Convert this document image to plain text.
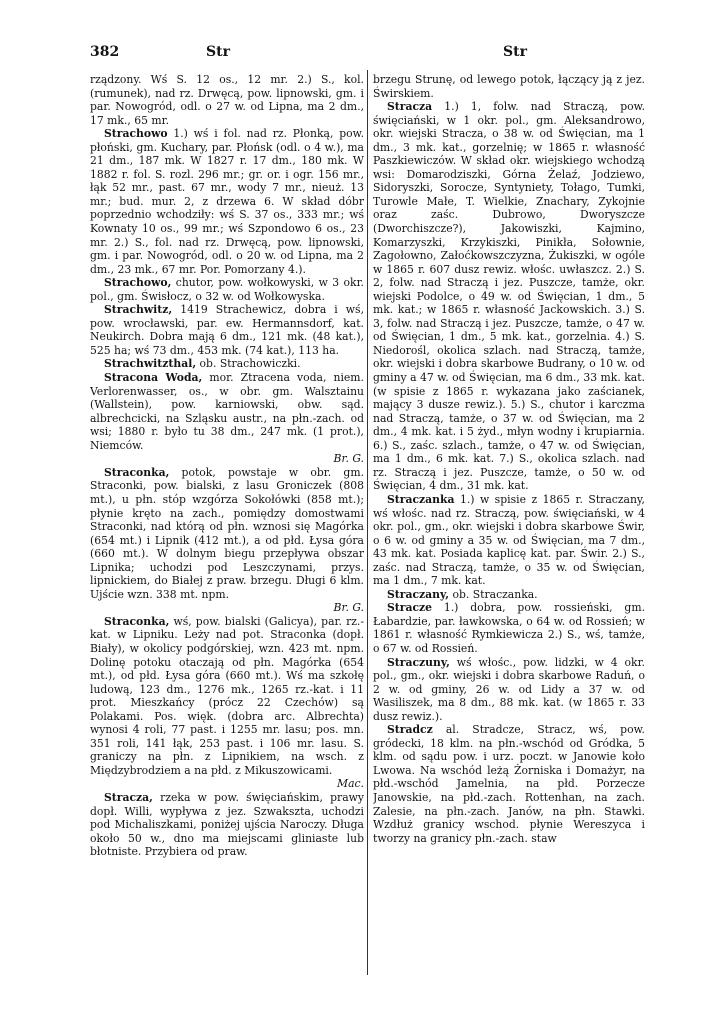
382	Str	Str

rządzony. Wś S. 12 os., 12 mr. 2.) S., kol. (rumunek), nad rz. Drwęcą, pow. lipnowski, gm. i par. Nowogród, odl. o 27 w. od Lipna, ma 2 dm., 17 mk., 65 mr.

Strachowo 1.) wś i fol. nad rz. Płonką, pow. płoński, gm. Kuchary, par. Płońsk (odl. o 4 w.), ma 21 dm., 187 mk. W 1827 r. 17 dm., 180 mk. W 1882 r. fol. S. rozl. 296 mr.; gr. or. i ogr. 156 mr., łąk 52 mr., past. 67 mr., wody 7 mr., nieuż. 13 mr.; bud. mur. 2, z drzewa 6. W skład dóbr poprzednio wchodziły: wś S. 37 os., 333 mr.; wś Kownaty 10 os., 99 mr.; wś Szpondowo 6 os., 23 mr. 2.) S., fol. nad rz. Drwęcą, pow. lipnowski, gm. i par. Nowogród, odl. o 20 w. od Lipna, ma 2 dm., 23 mk., 67 mr. Por. Pomorzany 4.).

Strachowo, chutor, pow. wołkowyski, w 3 okr. pol., gm. Świsłocz, o 32 w. od Wołkowyska.

Strachwitz, 1419 Strachewicz, dobra i wś, pow. wrocławski, par. ew. Hermannsdorf, kat. Neukirch. Dobra mają 6 dm., 121 mk. (48 kat.), 525 ha; wś 73 dm., 453 mk. (74 kat.), 113 ha.

Strachwitzthal, ob. Strachowiczki.

Stracona Woda, mor. Ztracena voda, niem. Verlorenwasser, os., w obr. gm. Walsztainu (Wallstein), pow. karniowski, obw. sąd. albrechcicki, na Szląsku austr., na płn.-zach. od wsi; 1880 r. było tu 38 dm., 247 mk. (1 prot.), Niemców.

Br. G.

Straconka, potok, powstaje w obr. gm. Straconki, pow. bialski, z lasu Groniczek (808 mt.), u płn. stóp wzgórza Sokołówki (858 mt.); płynie kręto na zach., pomiędzy domostwami Straconki, nad którą od płn. wznosi się Magórka (654 mt.) i Lipnik (412 mt.), a od płd. Łysa góra (660 mt.). W dolnym biegu przepływa obszar Lipnika; uchodzi pod Leszczynami, przys. lipnickiem, do Białej z praw. brzegu. Długi 6 klm. Ujście wzn. 338 mt. npm.

Br. G.

Straconka, wś, pow. bialski (Galicya), par. rz.-kat. w Lipniku. Leży nad pot. Straconka (dopł. Biały), w okolicy podgórskiej, wzn. 423 mt. npm. Dolinę potoku otaczają od płn. Magórka (654 mt.), od płd. Łysa góra (660 mt.). Wś ma szkołę ludową, 123 dm., 1276 mk., 1265 rz.-kat. i 11 prot. Mieszkańcy (prócz 22 Czechów) są Polakami. Pos. więk. (dobra arc. Albrechta) wynosi 4 roli, 77 past. i 1255 mr. lasu; pos. mn. 351 roli, 141 łąk, 253 past. i 106 mr. lasu. S. graniczy na płn. z Lipnikiem, na wsch. z Międzybrodziem a na płd. z Mikuszowicami.

Mac.

Stracza, rzeka w pow. święciańskim, prawy dopł. Willi, wypływa z jez. Szwakszta, uchodzi pod Michaliszkami, poniżej ujścia Naroczy. Długa około 50 w., dno ma miejscami gliniaste lub błotniste. Przybiera od praw.

brzegu Strunę, od lewego potok, łączący ją z jez. Świrskiem.

Stracza 1.) 1, folw. nad Straczą, pow. święciański, w 1 okr. pol., gm. Aleksandrowo, okr. wiejski Stracza, o 38 w. od Święcian, ma 1 dm., 3 mk. kat., gorzelnię; w 1865 r. własność Paszkiewiczów. W skład okr. wiejskiego wchodzą wsi: Domarodziszki, Górna Żelaź, Jodziewo, Sidoryszki, Sorocze, Syntyniety, Tołago, Tumki, Turowle Małe, T. Wielkie, Znachary, Zykojnie oraz zaśc. Dubrowo, Dworyszcze (Dworchiszcze?), Jakowiszki, Kajmino, Komarzyszki, Krzykiszki, Pinikła, Sołownie, Zagołowno, Załoćkowszczyzna, Żukiszki, w ogóle w 1865 r. 607 dusz rewiz. włośc. uwłaszcz. 2.) S. 2, folw. nad Straczą i jez. Puszcze, tamże, okr. wiejski Podolce, o 49 w. od Święcian, 1 dm., 5 mk. kat.; w 1865 r. własność Jackowskich. 3.) S. 3, folw. nad Straczą i jez. Puszcze, tamże, o 47 w. od Święcian, 1 dm., 5 mk. kat., gorzelnia. 4.) S. Niedorośl, okolica szlach. nad Straczą, tamże, okr. wiejski i dobra skarbowe Budrany, o 10 w. od gminy a 47 w. od Święcian, ma 6 dm., 33 mk. kat. (w spisie z 1865 r. wykazana jako zaścianek, mający 3 dusze rewiz.). 5.) S., chutor i karczma nad Straczą, tamże, o 37 w. od Święcian, ma 2 dm., 4 mk. kat. i 5 żyd., młyn wodny i krupiarnia. 6.) S., zaśc. szlach., tamże, o 47 w. od Święcian, ma 1 dm., 6 mk. kat. 7.) S., okolica szlach. nad rz. Straczą i jez. Puszcze, tamże, o 50 w. od Święcian, 4 dm., 31 mk. kat.

Straczanka 1.) w spisie z 1865 r. Straczany, wś włośc. nad rz. Straczą, pow. święciański, w 4 okr. pol., gm., okr. wiejski i dobra skarbowe Świr, o 6 w. od gminy a 35 w. od Święcian, ma 7 dm., 43 mk. kat. Posiada kaplicę kat. par. Świr. 2.) S., zaśc. nad Straczą, tamże, o 35 w. od Święcian, ma 1 dm., 7 mk. kat.

Straczany, ob. Straczanka.

Stracze 1.) dobra, pow. rossieński, gm. Łabardzie, par. ławkowska, o 64 w. od Rossień; w 1861 r. własność Rymkiewicza 2.) S., wś, tamże, o 67 w. od Rossień.

Straczuny, wś włośc., pow. lidzki, w 4 okr. pol., gm., okr. wiejski i dobra skarbowe Raduń, o 2 w. od gminy, 26 w. od Lidy a 37 w. od Wasiliszek, ma 8 dm., 88 mk. kat. (w 1865 r. 33 dusz rewiz.).

Stradcz al. Stradcze, Stracz, wś, pow. gródecki, 18 klm. na płn.-wschód od Gródka, 5 klm. od sądu pow. i urz. poczt. w Janowie koło Lwowa. Na wschód leżą Żorniska i Domażyr, na płd.-wschód Jamelnia, na płd. Porzecze Janowskie, na płd.-zach. Rottenhan, na zach. Zalesie, na płn.-zach. Janów, na płn. Stawki. Wzdłuż granicy wschod. płynie Wereszyca i tworzy na granicy płn.-zach. staw
